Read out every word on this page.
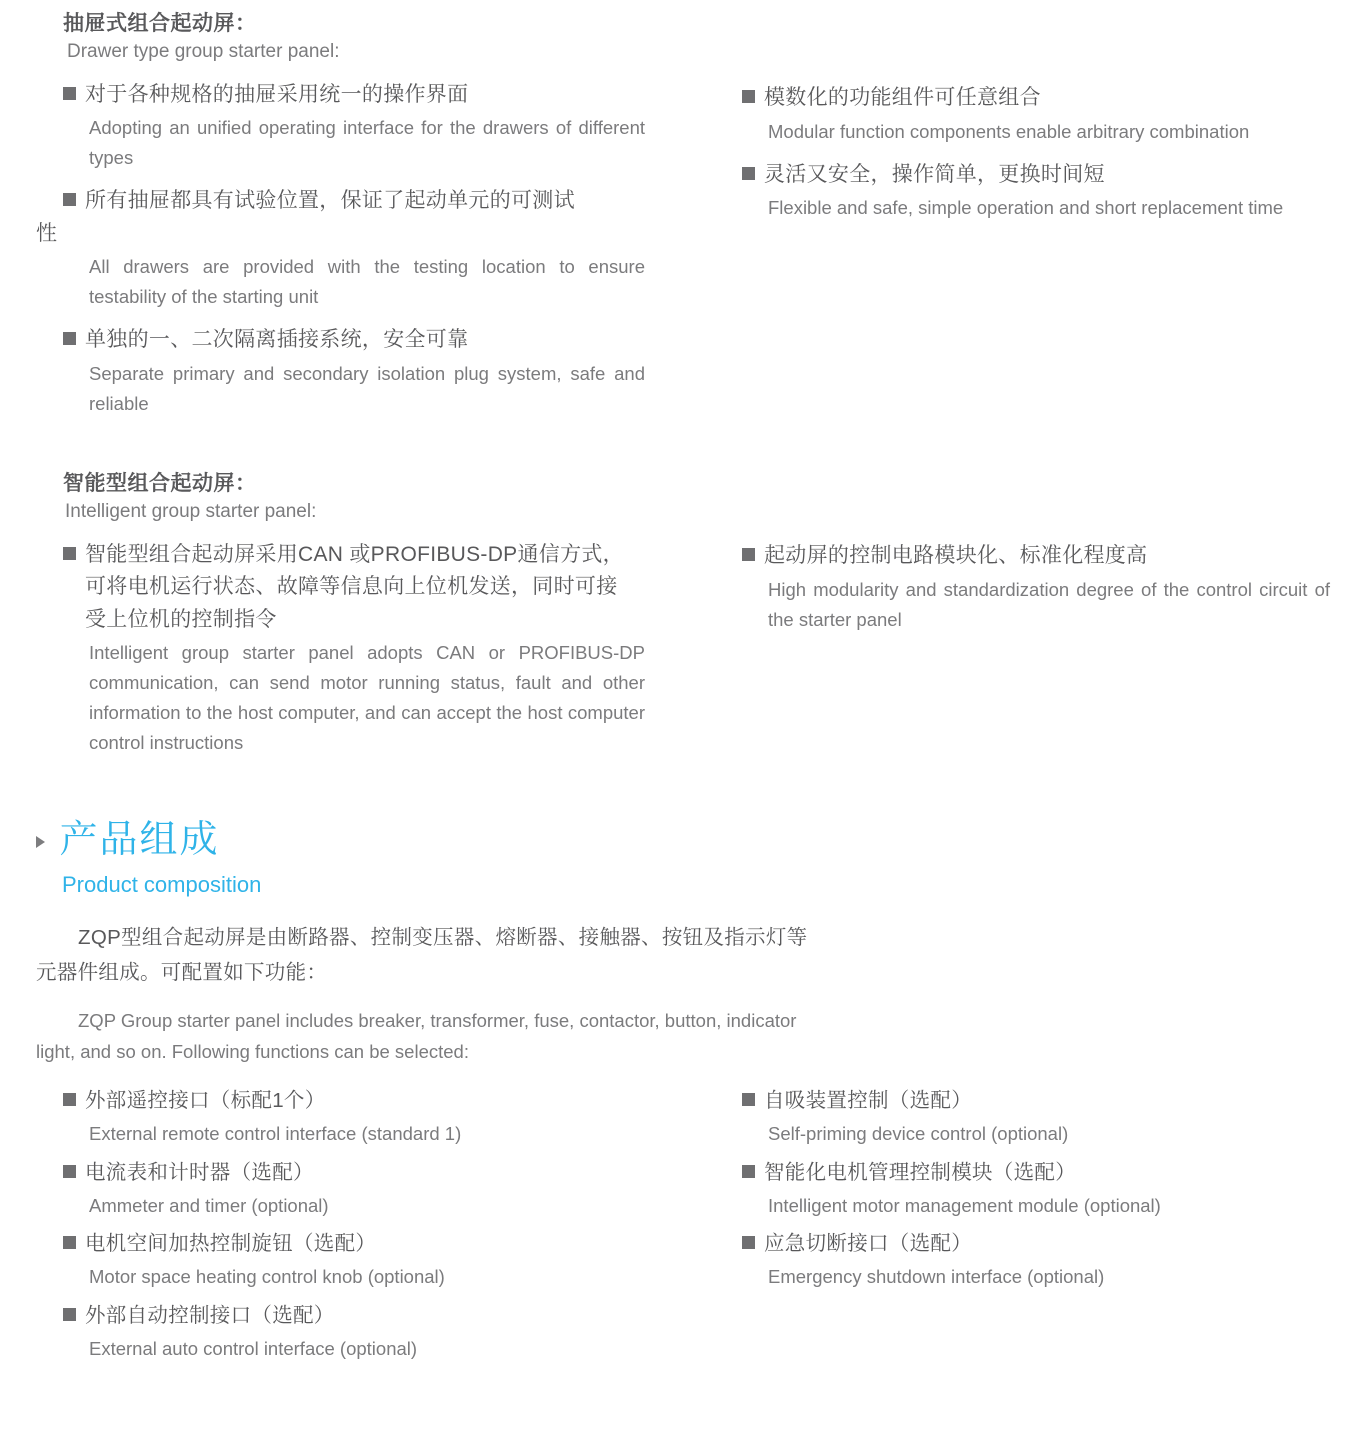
抽屉式组合起动屏：
Drawer type group starter panel:
对于各种规格的抽屉采用统一的操作界面
Adopting an unified operating interface for the drawers of different types
所有抽屉都具有试验位置，保证了起动单元的可测试
性
All drawers are provided with the testing location to ensure testability of the starting unit
单独的一、二次隔离插接系统，安全可靠
Separate primary and secondary isolation plug system, safe and reliable
模数化的功能组件可任意组合
Modular function components enable arbitrary combination
灵活又安全，操作简单，更换时间短
Flexible and safe, simple operation and short replacement time
智能型组合起动屏：
Intelligent group starter panel:
智能型组合起动屏采用CAN 或PROFIBUS-DP通信方式，可将电机运行状态、故障等信息向上位机发送，同时可接受上位机的控制指令
Intelligent group starter panel adopts CAN or PROFIBUS-DP communication, can send motor running status, fault and other information to the host computer, and can accept the host computer control instructions
起动屏的控制电路模块化、标准化程度高
High modularity and standardization degree of the control circuit of the starter panel
产品组成
Product composition
ZQP型组合起动屏是由断路器、控制变压器、熔断器、接触器、按钮及指示灯等
元器件组成。可配置如下功能：
ZQP Group starter panel includes breaker, transformer, fuse, contactor, button, indicator
light, and so on. Following functions can be selected:
外部遥控接口（标配1个）
External remote control interface (standard 1)
电流表和计时器（选配）
Ammeter and timer (optional)
电机空间加热控制旋钮（选配）
Motor space heating control knob (optional)
外部自动控制接口（选配）
External auto control interface (optional)
自吸装置控制（选配）
Self-priming device control (optional)
智能化电机管理控制模块（选配）
Intelligent motor management module (optional)
应急切断接口（选配）
Emergency shutdown interface (optional)
